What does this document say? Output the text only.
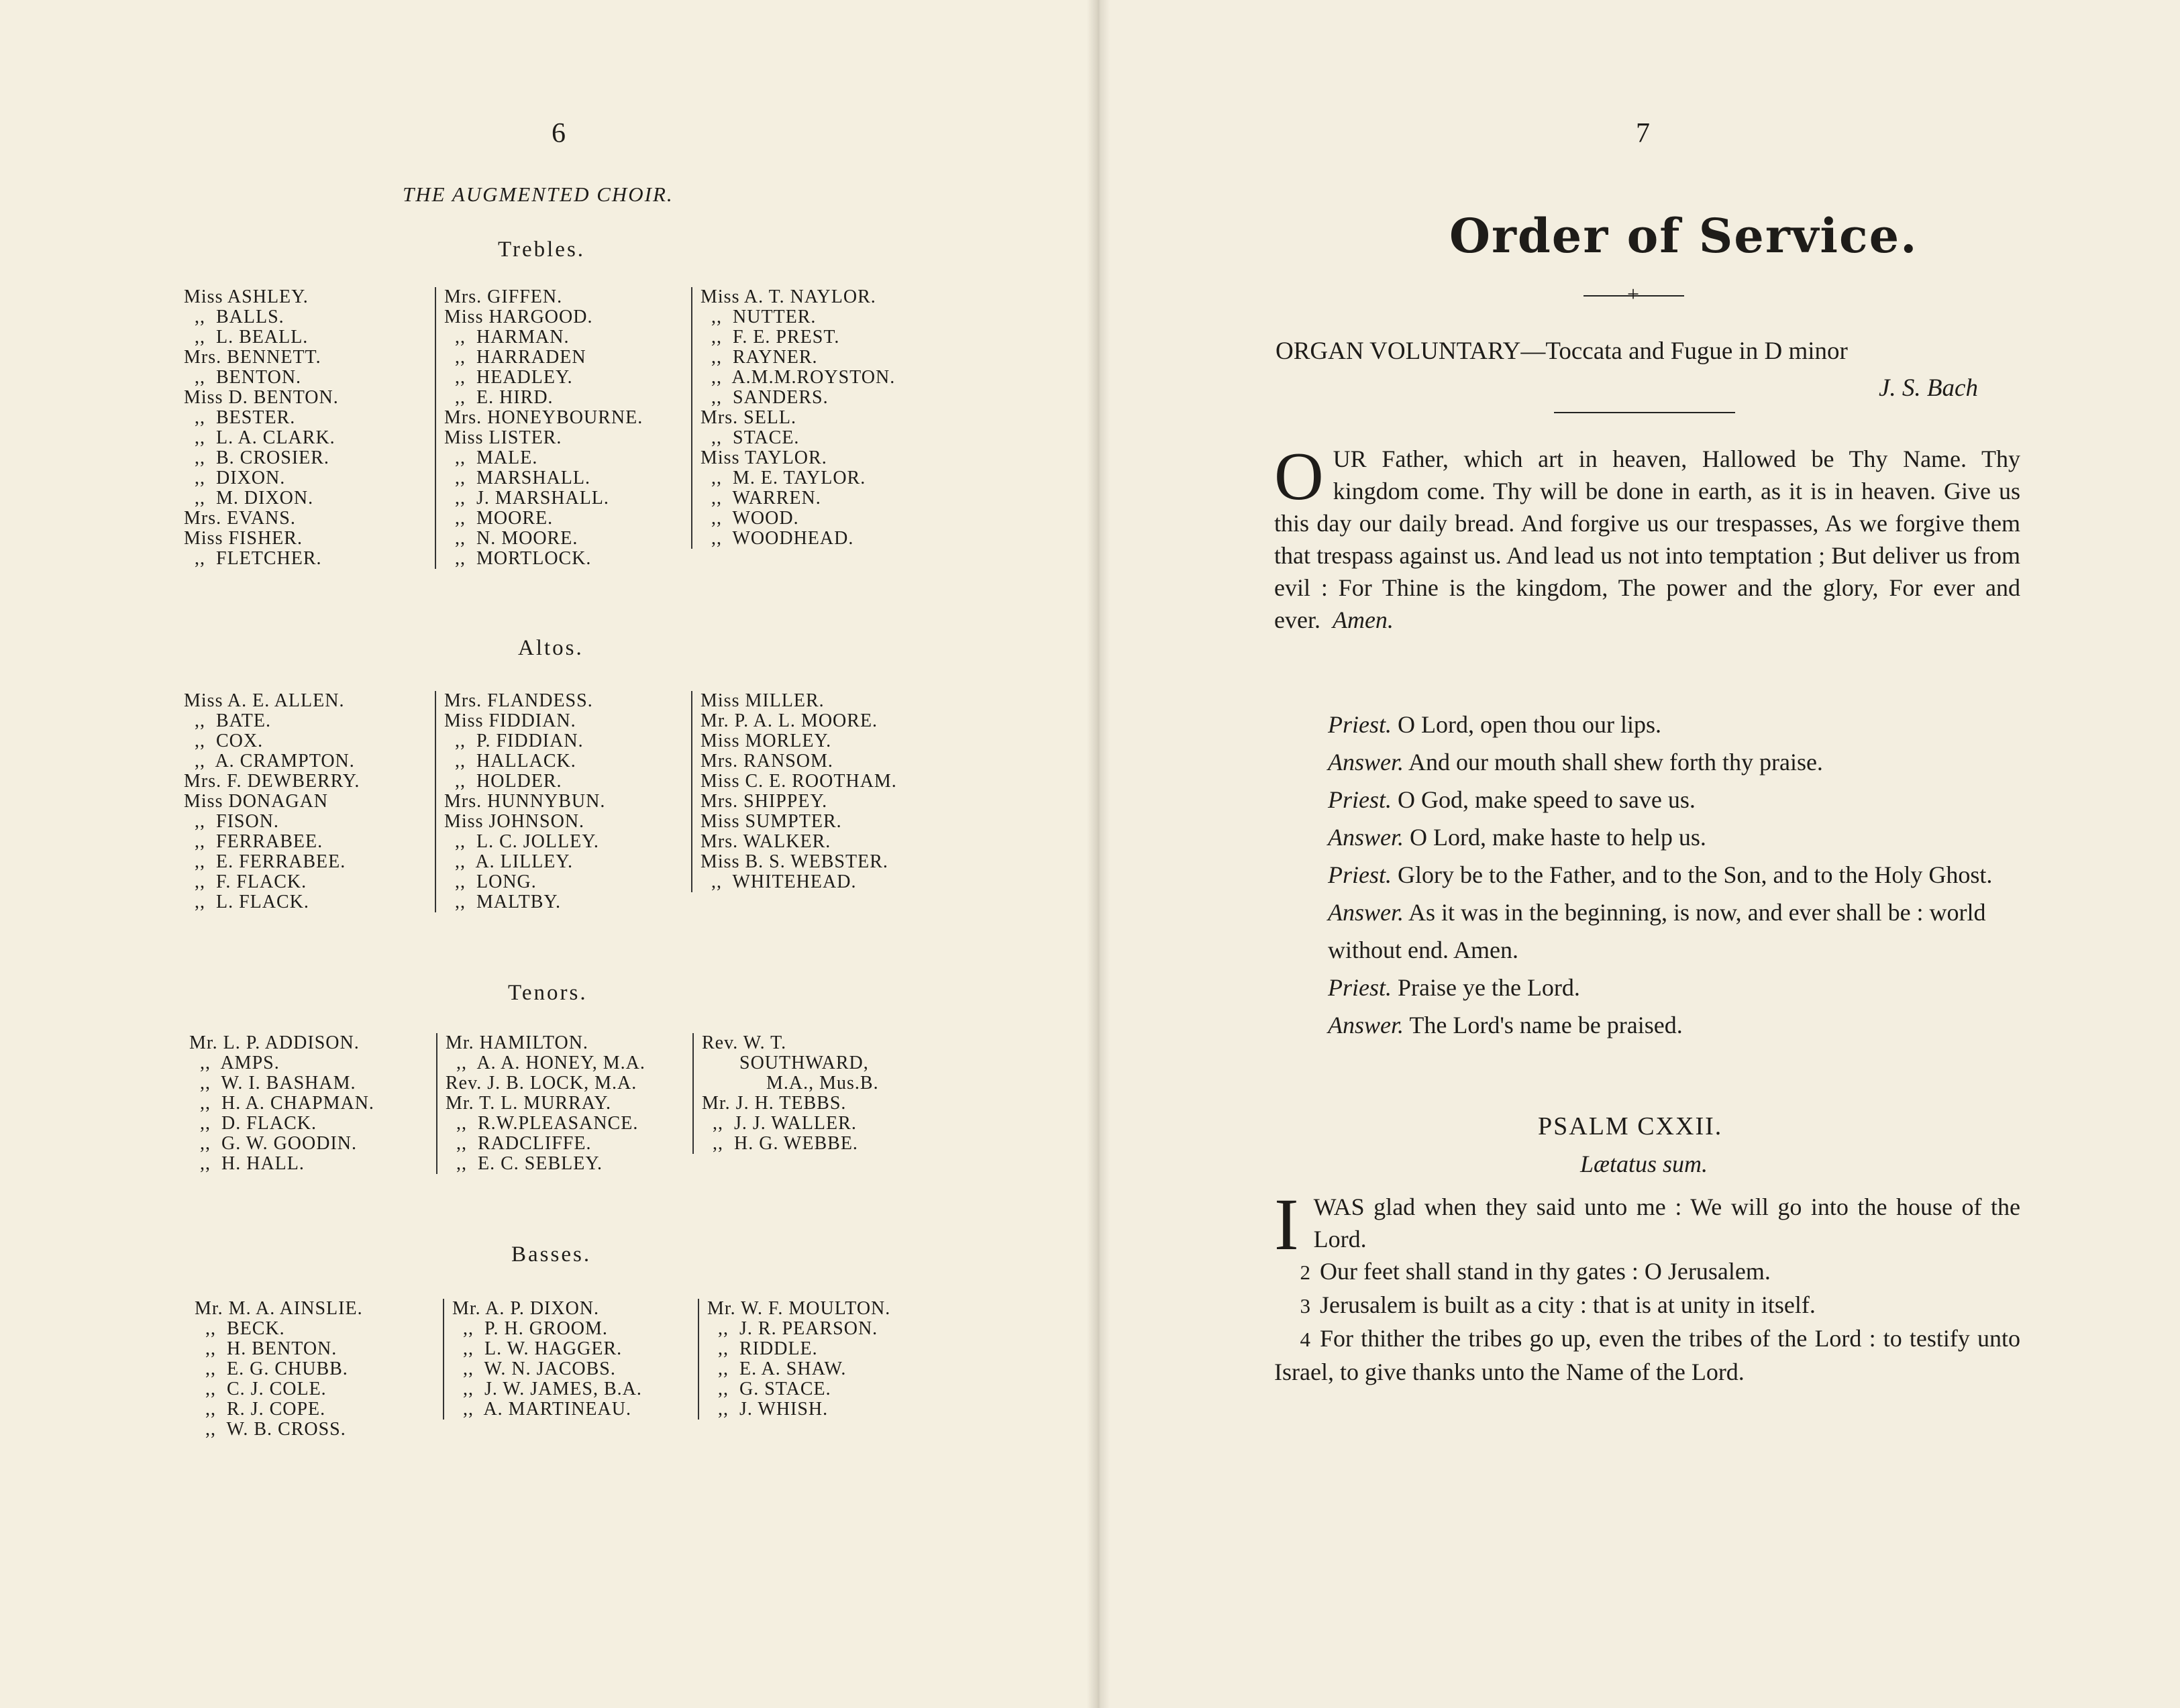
6
THE AUGMENTED CHOIR.
Trebles.
Miss ASHLEY.
,,  BALLS.
,,  L. BEALL.
Mrs. BENNETT.
,,  BENTON.
Miss D. BENTON.
,,  BESTER.
,,  L. A. CLARK.
,,  B. CROSIER.
,,  DIXON.
,,  M. DIXON.
Mrs. EVANS.
Miss FISHER.
,,  FLETCHER.
Mrs. GIFFEN.
Miss HARGOOD.
,,  HARMAN.
,,  HARRADEN
,,  HEADLEY.
,,  E. HIRD.
Mrs. HONEYBOURNE.
Miss LISTER.
,,  MALE.
,,  MARSHALL.
,,  J. MARSHALL.
,,  MOORE.
,,  N. MOORE.
,,  MORTLOCK.
Miss A. T. NAYLOR.
,,  NUTTER.
,,  F. E. PREST.
,,  RAYNER.
,,  A.M.M.ROYSTON.
,,  SANDERS.
Mrs. SELL.
,,  STACE.
Miss TAYLOR.
,,  M. E. TAYLOR.
,,  WARREN.
,,  WOOD.
,,  WOODHEAD.
Altos.
Miss A. E. ALLEN.
,,  BATE.
,,  COX.
,,  A. CRAMPTON.
Mrs. F. DEWBERRY.
Miss DONAGAN
,,  FISON.
,,  FERRABEE.
,,  E. FERRABEE.
,,  F. FLACK.
,,  L. FLACK.
Mrs. FLANDESS.
Miss FIDDIAN.
,,  P. FIDDIAN.
,,  HALLACK.
,,  HOLDER.
Mrs. HUNNYBUN.
Miss JOHNSON.
,,  L. C. JOLLEY.
,,  A. LILLEY.
,,  LONG.
,,  MALTBY.
Miss MILLER.
Mr. P. A. L. MOORE.
Miss MORLEY.
Mrs. RANSOM.
Miss C. E. ROOTHAM.
Mrs. SHIPPEY.
Miss SUMPTER.
Mrs. WALKER.
Miss B. S. WEBSTER.
,,  WHITEHEAD.
Tenors.
Mr. L. P. ADDISON.
,,  AMPS.
,,  W. I. BASHAM.
,,  H. A. CHAPMAN.
,,  D. FLACK.
,,  G. W. GOODIN.
,,  H. HALL.
Mr. HAMILTON.
,,  A. A. HONEY, M.A.
Rev. J. B. LOCK, M.A.
Mr. T. L. MURRAY.
,,  R.W.PLEASANCE.
,,  RADCLIFFE.
,,  E. C. SEBLEY.
Rev. W. T.
SOUTHWARD,
M.A., Mus.B.
Mr. J. H. TEBBS.
,,  J. J. WALLER.
,,  H. G. WEBBE.
Basses.
Mr. M. A. AINSLIE.
,,  BECK.
,,  H. BENTON.
,,  E. G. CHUBB.
,,  C. J. COLE.
,,  R. J. COPE.
,,  W. B. CROSS.
Mr. A. P. DIXON.
,,  P. H. GROOM.
,,  L. W. HAGGER.
,,  W. N. JACOBS.
,,  J. W. JAMES, B.A.
,,  A. MARTINEAU.
Mr. W. F. MOULTON.
,,  J. R. PEARSON.
,,  RIDDLE.
,,  E. A. SHAW.
,,  G. STACE.
,,  J. WHISH.
7
Order of Service.
+
ORGAN VOLUNTARY—Toccata and Fugue in D minor
J. S. Bach
OUR Father, which art in heaven, Hallowed be Thy Name. Thy kingdom come. Thy will be done in earth, as it is in heaven. Give us this day our daily bread. And forgive us our trespasses, As we forgive them that trespass against us. And lead us not into temptation ; But deliver us from evil : For Thine is the kingdom, The power and the glory, For ever and ever. Amen.
Priest. O Lord, open thou our lips.
Answer. And our mouth shall shew forth thy praise.
Priest. O God, make speed to save us.
Answer. O Lord, make haste to help us.
Priest. Glory be to the Father, and to the Son, and to the Holy Ghost.
Answer. As it was in the beginning, is now, and ever shall be : world without end. Amen.
Priest. Praise ye the Lord.
Answer. The Lord's name be praised.
PSALM CXXII.
Lætatus sum.

IWAS glad when they said unto me : We will go into the house of the Lord.

2 Our feet shall stand in thy gates : O Jerusalem.

3 Jerusalem is built as a city : that is at unity in itself.

4 For thither the tribes go up, even the tribes of the Lord : to testify unto Israel, to give thanks unto the Name of the Lord.
